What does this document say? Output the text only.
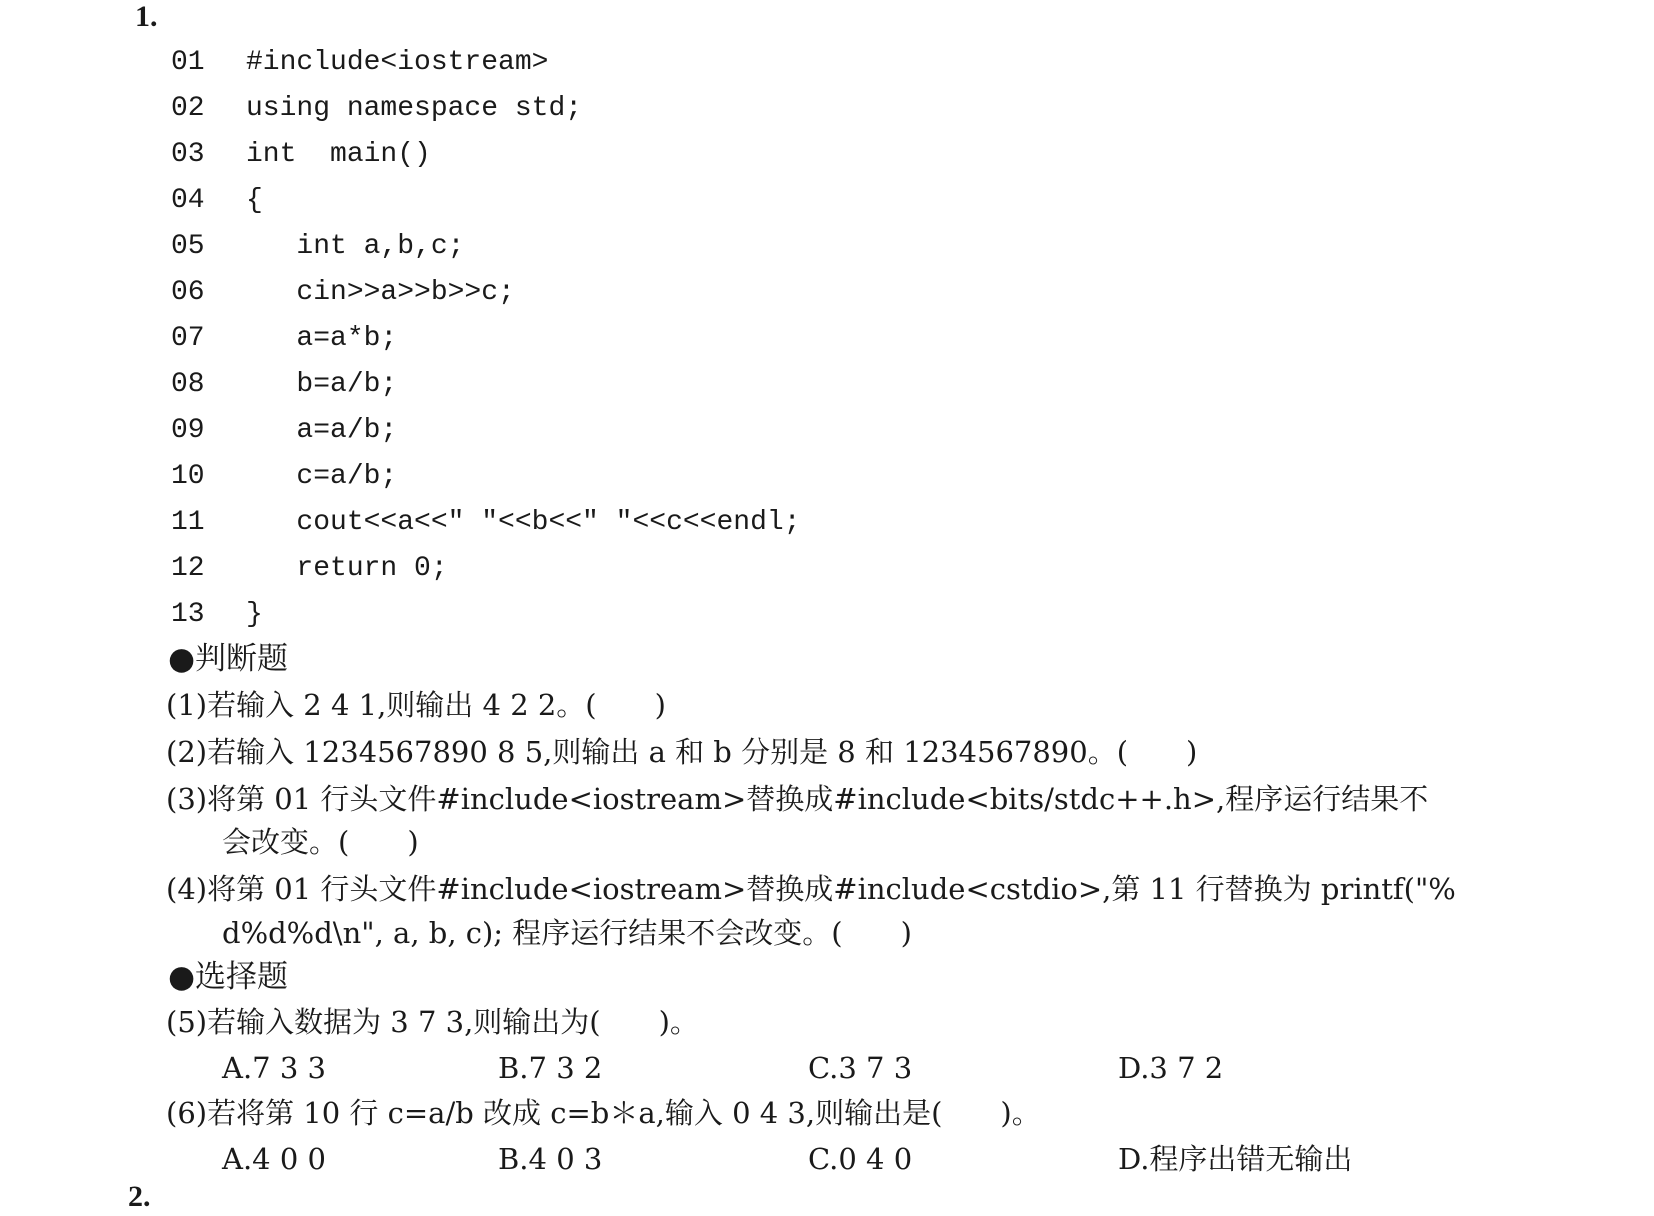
1.
01 #include<iostream>
02 using namespace std;
03 int  main()
04 {
05   int a,b,c;
06   cin>>a>>b>>c;
07   a=a*b;
08   b=a/b;
09   a=a/b;
10   c=a/b;
11   cout<<a<<" "<<b<<" "<<c<<endl;
12   return 0;
13 }
●判断题
(1)若输入 2 4 1,则输出 4 2 2。(　　)
(2)若输入 1234567890 8 5,则输出 a 和 b 分别是 8 和 1234567890。(　　)
(3)将第 01 行头文件#include<iostream>替换成#include<bits/stdc++.h>,程序运行结果不
会改变。(　　)
(4)将第 01 行头文件#include<iostream>替换成#include<cstdio>,第 11 行替换为 printf("%
d%d%d\n", a, b, c); 程序运行结果不会改变。(　　)
●选择题
(5)若输入数据为 3 7 3,则输出为(　　)。
A.7 3 3	B.7 3 2	C.3 7 3	D.3 7 2
(6)若将第 10 行 c=a/b 改成 c=b＊a,输入 0 4 3,则输出是(　　)。
A.4 0 0	B.4 0 3	C.0 4 0	D.程序出错无输出
2.
